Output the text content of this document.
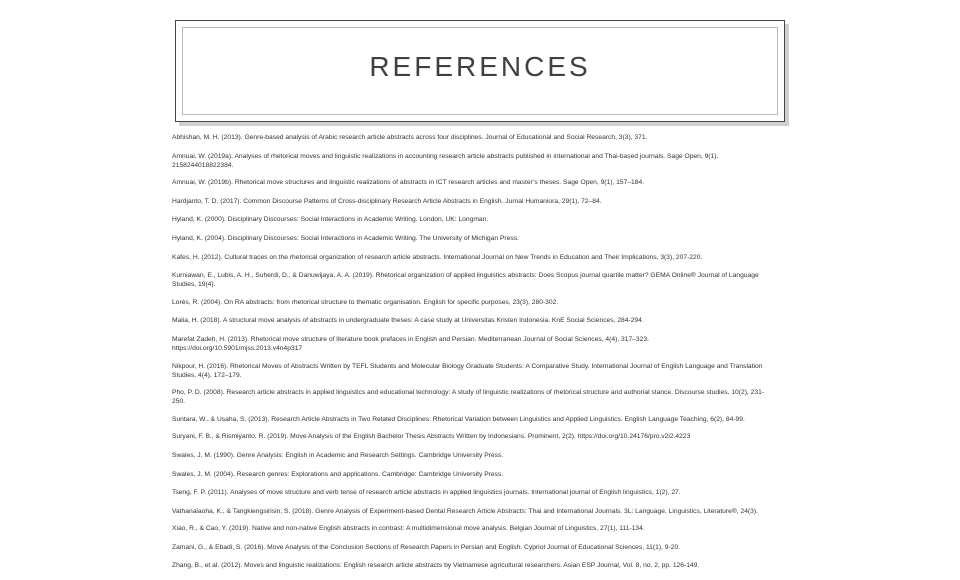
REFERENCES

Abhishan, M. H. (2013). Genre-based analysis of Arabic research article abstracts across four disciplines. Journal of Educational and Social Research, 3(3), 371.

Amnuai, W. (2019a). Analyses of rhetorical moves and linguistic realizations in accounting research article abstracts published in international and Thai-based journals. Sage Open, 9(1). 2158244018822384.

Amnuai, W. (2019b). Rhetorical move structures and linguistic realizations of abstracts in ICT research articles and master’s theses. Sage Open, 9(1), 157–184.

Hardjanto, T. D. (2017). Common Discourse Patterns of Cross-disciplinary Research Article Abstracts in English. Jurnal Humaniora, 29(1), 72–84.

Hyland, K. (2000). Disciplinary Discourses: Social Interactions in Academic Writing. London, UK: Longman.

Hyland, K. (2004). Disciplinary Discourses: Social Interactions in Academic Writing. The University of Michigan Press.

Kafes, H. (2012). Cultural traces on the rhetorical organization of research article abstracts. International Journal on New Trends in Education and Their Implications, 3(3), 207-220.

Kurniawan, E., Lubis, A. H., Suherdi, D., & Danuwijaya, A. A. (2019). Rhetorical organization of applied linguistics abstracts: Does Scopus journal quartile matter? GEMA Online® Journal of Language Studies, 19(4).

Lorés, R. (2004). On RA abstracts: from rhetorical structure to thematic organisation. English for specific purposes, 23(3), 280-302.

Malia, H. (2018). A structural move analysis of abstracts in undergraduate theses: A case study at Universitas Kristen Indonesia. KnE Social Sciences, 284-294.

Marefat Zadeh, H. (2013). Rhetorical move structure of literature book prefaces in English and Persian. Mediterranean Journal of Social Sciences, 4(4), 317–323. https://doi.org/10.5901/mjss.2013.v4n4p317

Nikpour, H. (2016). Rhetorical Moves of Abstracts Written by TEFL Students and Molecular Biology Graduate Students: A Comparative Study. International Journal of English Language and Translation Studies, 4(4), 172–179.

Pho, P. D. (2008). Research article abstracts in applied linguistics and educational technology: A study of linguistic realizations of rhetorical structure and authorial stance. Discourse studies, 10(2), 231-250.

Suntara, W., & Usaha, S. (2013). Research Article Abstracts in Two Related Disciplines: Rhetorical Variation between Linguistics and Applied Linguistics. English Language Teaching, 6(2), 84-99.

Suryani, F. B., & Rismiyanto, R. (2019). Move Analysis of the English Bachelor Thesis Abstracts Written by Indonesians. Prominent, 2(2). https://doi.org/10.24176/pro.v2i2.4223

Swales, J. M. (1990). Genre Analysis: English in Academic and Research Settings. Cambridge University Press.

Swales, J. M. (2004). Research genres: Explorations and applications. Cambridge: Cambridge University Press.

Tseng, F. P. (2011). Analyses of move structure and verb tense of research article abstracts in applied linguistics journals. International journal of English linguistics, 1(2), 27.

Vathanalaoha, K., & Tangkiengsirisin, S. (2018). Genre Analysis of Experiment-based Dental Research Article Abstracts: Thai and International Journals. 3L: Language, Linguistics, Literature®, 24(3).

Xiao, R., & Cao, Y. (2019). Native and non-native English abstracts in contrast: A multidimensional move analysis. Belgian Journal of Linguistics, 27(1), 111-134.

Zamani, G., & Ebadi, S. (2016). Move Analysis of the Conclusion Sections of Research Papers in Persian and English. Cypriot Journal of Educational Sciences, 11(1), 9-20.

Zhang, B., et al. (2012). Moves and linguistic realizations: English research article abstracts by Vietnamese agricultural researchers. Asian ESP Journal, Vol. 8, no. 2, pp. 126-149.
